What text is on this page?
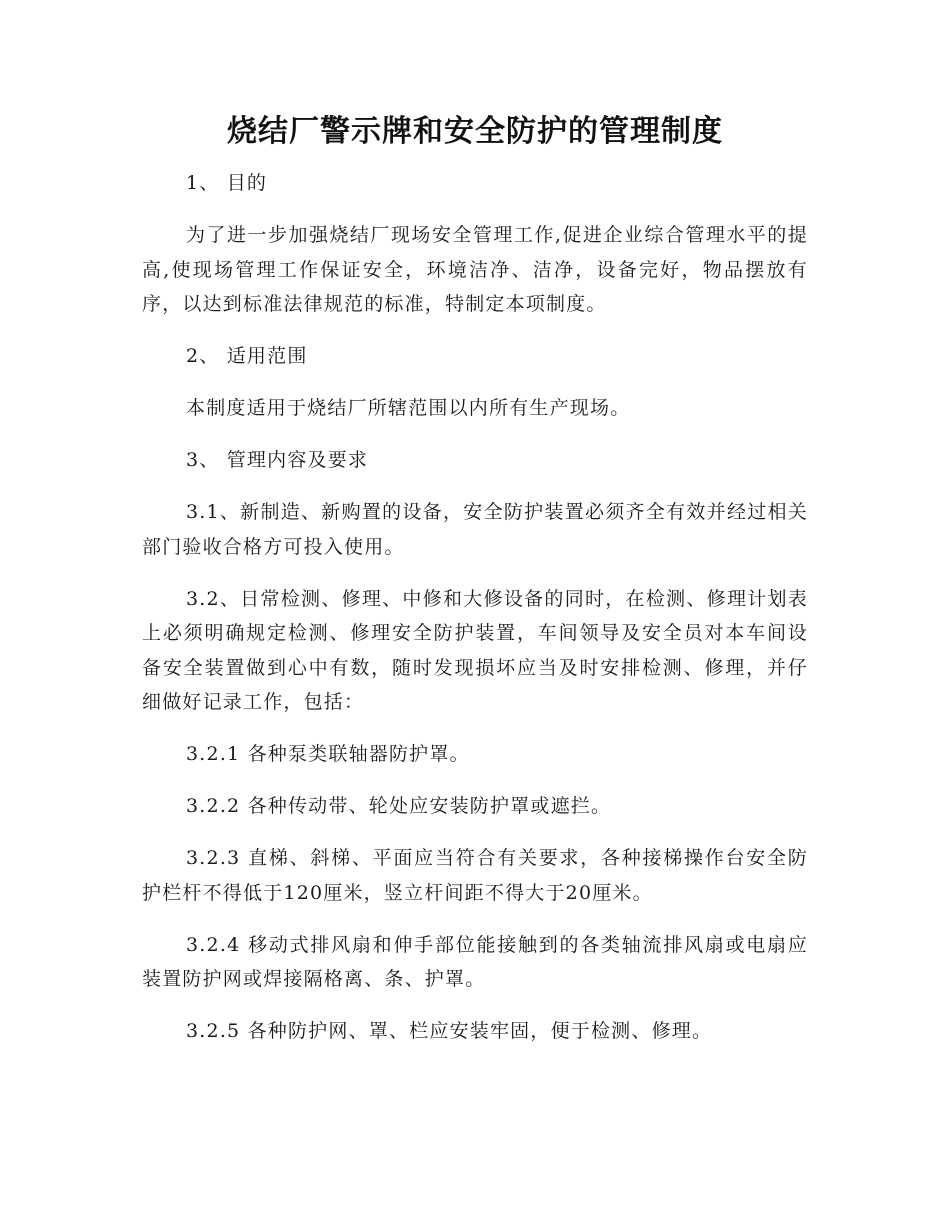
烧结厂警示牌和安全防护的管理制度

1、 目的

为了进一步加强烧结厂现场安全管理工作,促进企业综合管理水平的提高,使现场管理工作保证安全，环境洁净、洁净，设备完好，物品摆放有序，以达到标准法律规范的标准，特制定本项制度。

2、 适用范围

本制度适用于烧结厂所辖范围以内所有生产现场。

3、 管理内容及要求

3.1、新制造、新购置的设备，安全防护装置必须齐全有效并经过相关部门验收合格方可投入使用。

3.2、日常检测、修理、中修和大修设备的同时，在检测、修理计划表上必须明确规定检测、修理安全防护装置，车间领导及安全员对本车间设备安全装置做到心中有数，随时发现损坏应当及时安排检测、修理，并仔细做好记录工作，包括：

3.2.1 各种泵类联轴器防护罩。

3.2.2 各种传动带、轮处应安装防护罩或遮拦。

3.2.3 直梯、斜梯、平面应当符合有关要求，各种接梯操作台安全防护栏杆不得低于120厘米，竖立杆间距不得大于20厘米。

3.2.4 移动式排风扇和伸手部位能接触到的各类轴流排风扇或电扇应装置防护网或焊接隔格离、条、护罩。

3.2.5 各种防护网、罩、栏应安装牢固，便于检测、修理。
